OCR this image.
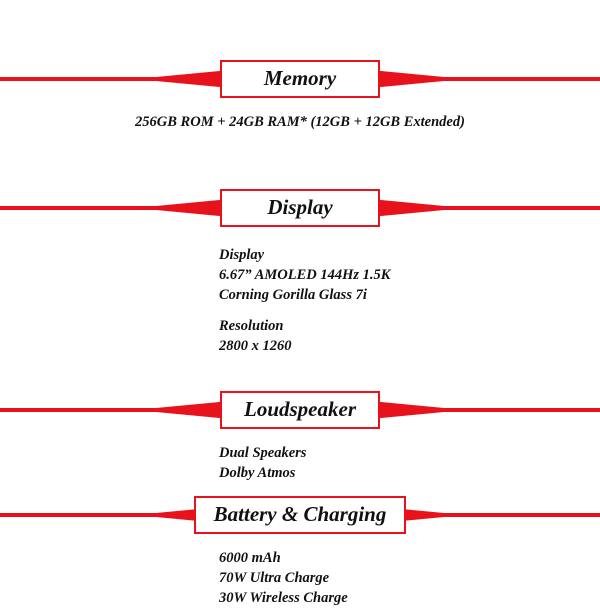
Memory
256GB ROM + 24GB RAM* (12GB + 12GB Extended)
Display
Display
6.67” AMOLED 144Hz 1.5K
Corning Gorilla Glass 7i
Resolution
2800 x 1260
Loudspeaker
Dual Speakers
Dolby Atmos
Battery & Charging
6000 mAh
70W Ultra Charge
30W Wireless Charge
